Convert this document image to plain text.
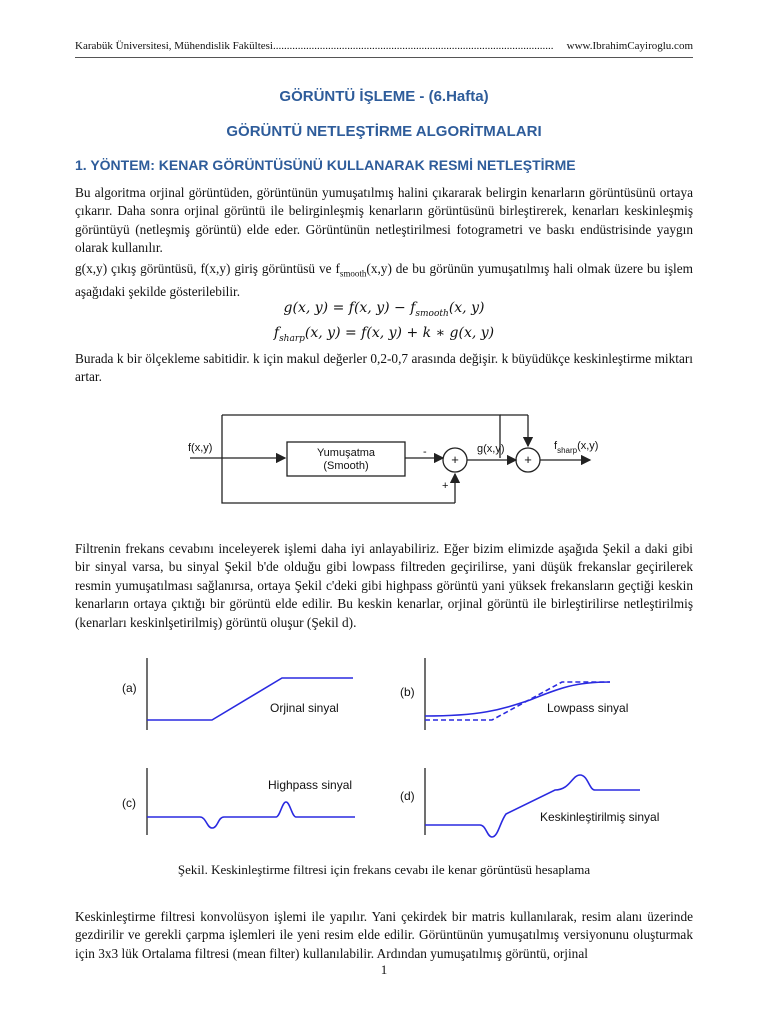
Karabük Üniversitesi, Mühendislik Fakültesi...................................................................................................... www.IbrahimCayiroglu.com
GÖRÜNTÜ İŞLEME - (6.Hafta)
GÖRÜNTÜ NETLEŞTİRME ALGORİTMALARI
1. YÖNTEM: KENAR GÖRÜNTÜSÜNÜ KULLANARAK RESMİ NETLEŞTİRME
Bu algoritma orjinal görüntüden, görüntünün yumuşatılmış halini çıkararak belirgin kenarların görüntüsünü ortaya çıkarır. Daha sonra orjinal görüntü ile belirginleşmiş kenarların görüntüsünü birleştirerek, kenarları keskinleşmiş görüntüyü (netleşmiş görüntü) elde eder. Görüntünün netleştirilmesi fotogrametri ve baskı endüstrisinde yaygın olarak kullanılır.
g(x,y) çıkış görüntüsü, f(x,y) giriş görüntüsü ve $f_{smooth}(x,y)$ de bu görünün yumuşatılmış hali olmak üzere bu işlem aşağıdaki şekilde gösterilebilir.
g(x, y) = f(x, $y) - f_{smooth}(x$, y)
$f_{sharp}(x$, y) = f(x, y) + k ∗ g(x, y)
Burada k bir ölçekleme sabitidir. k için makul değerler 0,2-0,7 arasında değişir. k büyüdükçe keskinleştirme miktarı artar.
f(x,y)	Yumuşatma
(Smooth)
-
+
+	+
g(x,y)	$f_{sharp}(x,y)$
Filtrenin frekans cevabını inceleyerek işlemi daha iyi anlayabiliriz. Eğer bizim elimizde aşağıda Şekil a daki gibi bir sinyal varsa, bu sinyal Şekil b'de olduğu gibi lowpass filtreden geçirilirse, yani düşük frekanslar geçirilerek resmin yumuşatılması sağlanırsa, ortaya Şekil c'deki gibi highpass görüntü yani yüksek frekansların geçtiği keskin kenarların ortaya çıktığı bir görüntü elde edilir. Bu keskin kenarlar, orjinal görüntü ile birleştirilirse netleştirilmiş (kenarları keskinlşetirilmiş) görüntü oluşur (Şekil d).
(a)
Orjinal sinyal
(b)
Lowpass sinyal
(c)
Highpass sinyal
(d)
Keskinleştirilmiş sinyal
Şekil. Keskinleştirme filtresi için frekans cevabı ile kenar görüntüsü hesaplama
Keskinleştirme filtresi konvolüsyon işlemi ile yapılır. Yani çekirdek bir matris kullanılarak, resim alanı üzerinde gezdirilir ve gerekli çarpma işlemleri ile yeni resim elde edilir. Görüntünün yumuşatılmış versiyonunu oluşturmak için 3x3 lük Ortalama filtresi (mean filter) kullanılabilir. Ardından yumuşatılmış görüntü, orjinal
1
